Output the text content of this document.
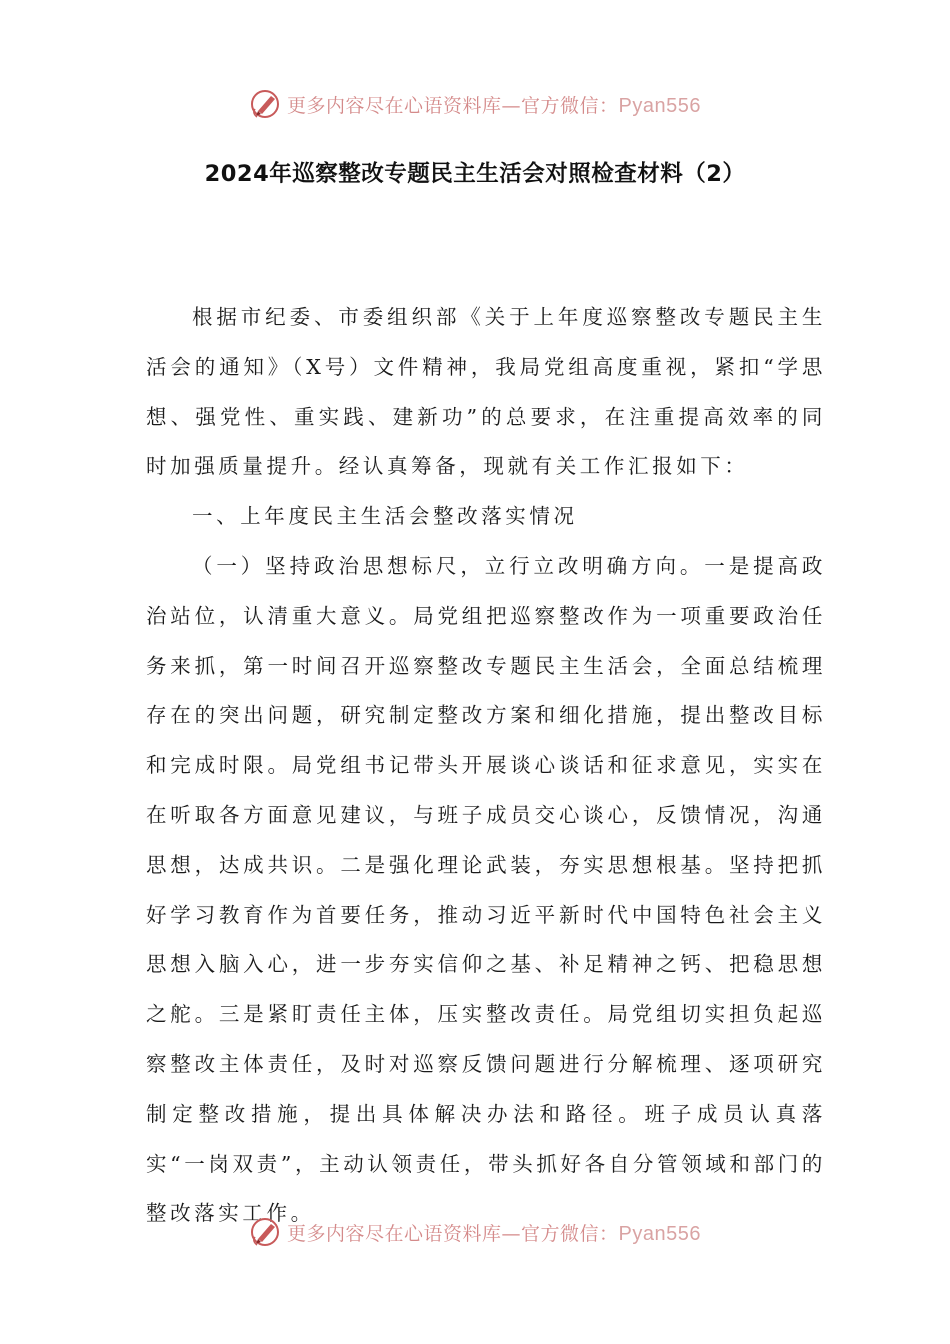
更多内容尽在心语资料库—官方微信：Pyan556
2024年巡察整改专题民主生活会对照检查材料（2）

根据市纪委、市委组织部《关于上年度巡察整改专题民主生活会的通知》（X号）文件精神，我局党组高度重视，紧扣“学思想、强党性、重实践、建新功”的总要求，在注重提高效率的同时加强质量提升。经认真筹备，现就有关工作汇报如下：

一、上年度民主生活会整改落实情况

（一）坚持政治思想标尺，立行立改明确方向。一是提高政治站位，认清重大意义。局党组把巡察整改作为一项重要政治任务来抓，第一时间召开巡察整改专题民主生活会，全面总结梳理存在的突出问题，研究制定整改方案和细化措施，提出整改目标和完成时限。局党组书记带头开展谈心谈话和征求意见，实实在在听取各方面意见建议，与班子成员交心谈心，反馈情况，沟通思想，达成共识。二是强化理论武装，夯实思想根基。坚持把抓好学习教育作为首要任务，推动习近平新时代中国特色社会主义思想入脑入心，进一步夯实信仰之基、补足精神之钙、把稳思想之舵。三是紧盯责任主体，压实整改责任。局党组切实担负起巡察整改主体责任，及时对巡察反馈问题进行分解梳理、逐项研究制定整改措施，提出具体解决办法和路径。班子成员认真落实“一岗双责”，主动认领责任，带头抓好各自分管领域和部门的整改落实工作。

更多内容尽在心语资料库—官方微信：Pyan556
